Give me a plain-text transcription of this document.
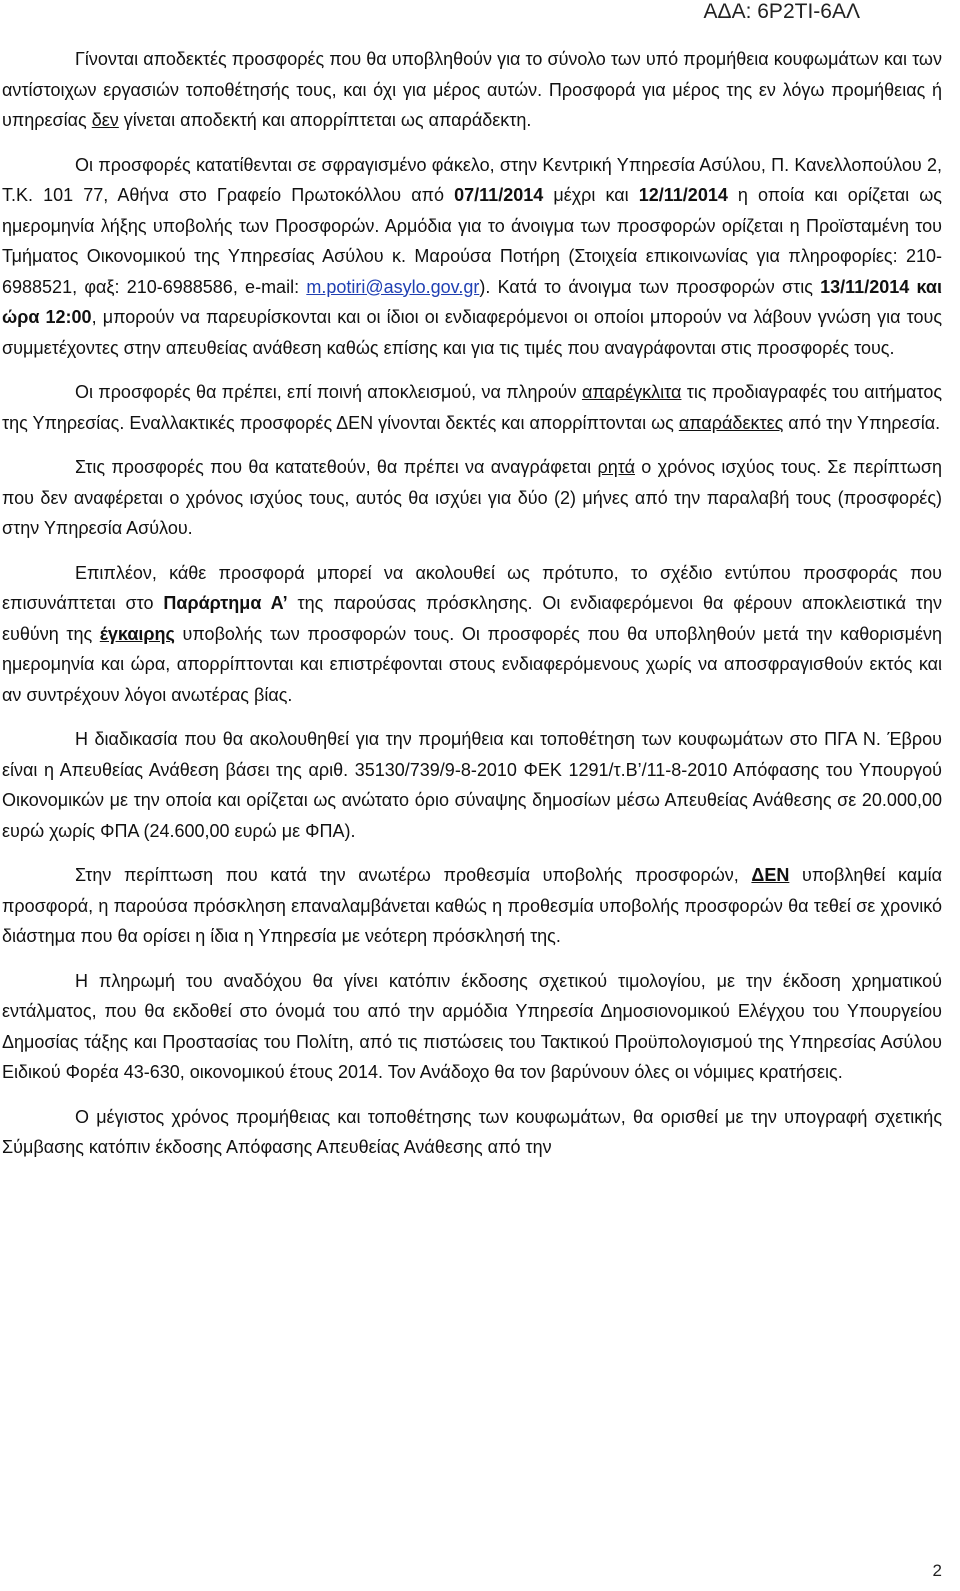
ΑΔΑ: 6Ρ2ΤΙ-6ΑΛ

Γίνονται αποδεκτές προσφορές που θα υποβληθούν για το σύνολο των υπό προμήθεια κουφωμάτων και των αντίστοιχων εργασιών τοποθέτησής τους, και όχι για μέρος αυτών. Προσφορά για μέρος της εν λόγω προμήθειας ή υπηρεσίας δεν γίνεται αποδεκτή και απορρίπτεται ως απαράδεκτη.

Οι προσφορές κατατίθενται σε σφραγισμένο φάκελο, στην Κεντρική Υπηρεσία Ασύλου, Π. Κανελλοπούλου 2, Τ.Κ. 101 77, Αθήνα στο Γραφείο Πρωτοκόλλου από 07/11/2014 μέχρι και 12/11/2014 η οποία και ορίζεται ως ημερομηνία λήξης υποβολής των Προσφορών. Αρμόδια για το άνοιγμα των προσφορών ορίζεται η Προϊσταμένη του Τμήματος Οικονομικού της Υπηρεσίας Ασύλου κ. Μαρούσα Ποτήρη (Στοιχεία επικοινωνίας για πληροφορίες: 210-6988521, φαξ: 210-6988586, e-mail: m.potiri@asylo.gov.gr). Κατά το άνοιγμα των προσφορών στις 13/11/2014 και ώρα 12:00, μπορούν να παρευρίσκονται και οι ίδιοι οι ενδιαφερόμενοι οι οποίοι μπορούν να λάβουν γνώση για τους συμμετέχοντες στην απευθείας ανάθεση καθώς επίσης και για τις τιμές που αναγράφονται στις προσφορές τους.

Οι προσφορές θα πρέπει, επί ποινή αποκλεισμού, να πληρούν απαρέγκλιτα τις προδιαγραφές του αιτήματος της Υπηρεσίας. Εναλλακτικές προσφορές ΔΕΝ γίνονται δεκτές και απορρίπτονται ως απαράδεκτες από την Υπηρεσία.

Στις προσφορές που θα κατατεθούν, θα πρέπει να αναγράφεται ρητά ο χρόνος ισχύος τους. Σε περίπτωση που δεν αναφέρεται ο χρόνος ισχύος τους, αυτός θα ισχύει για δύο (2) μήνες από την παραλαβή τους (προσφορές) στην Υπηρεσία Ασύλου.

Επιπλέον, κάθε προσφορά μπορεί να ακολουθεί ως πρότυπο, το σχέδιο εντύπου προσφοράς που επισυνάπτεται στο Παράρτημα Α’ της παρούσας πρόσκλησης. Οι ενδιαφερόμενοι θα φέρουν αποκλειστικά την ευθύνη της έγκαιρης υποβολής των προσφορών τους. Οι προσφορές που θα υποβληθούν μετά την καθορισμένη ημερομηνία και ώρα, απορρίπτονται και επιστρέφονται στους ενδιαφερόμενους χωρίς να αποσφραγισθούν εκτός και αν συντρέχουν λόγοι ανωτέρας βίας.

Η διαδικασία που θα ακολουθηθεί για την προμήθεια και τοποθέτηση των κουφωμάτων στο ΠΓΑ Ν. Έβρου είναι η Απευθείας Ανάθεση βάσει της αριθ. 35130/739/9-8-2010 ΦΕΚ 1291/τ.Β’/11-8-2010 Απόφασης του Υπουργού Οικονομικών με την οποία και ορίζεται ως ανώτατο όριο σύναψης δημοσίων μέσω Απευθείας Ανάθεσης σε 20.000,00 ευρώ χωρίς ΦΠΑ (24.600,00 ευρώ με ΦΠΑ).

Στην περίπτωση που κατά την ανωτέρω προθεσμία υποβολής προσφορών, ΔΕΝ υποβληθεί καμία προσφορά, η παρούσα πρόσκληση επαναλαμβάνεται καθώς η προθεσμία υποβολής προσφορών θα τεθεί σε χρονικό διάστημα που θα ορίσει η ίδια η Υπηρεσία με νεότερη πρόσκλησή της.

Η πληρωμή του αναδόχου θα γίνει κατόπιν έκδοσης σχετικού τιμολογίου, με την έκδοση χρηματικού εντάλματος, που θα εκδοθεί στο όνομά του από την αρμόδια Υπηρεσία Δημοσιονομικού Ελέγχου του Υπουργείου Δημοσίας τάξης και Προστασίας του Πολίτη, από τις πιστώσεις του Τακτικού Προϋπολογισμού της Υπηρεσίας Ασύλου Ειδικού Φορέα 43-630, οικονομικού έτους 2014. Τον Ανάδοχο θα τον βαρύνουν όλες οι νόμιμες κρατήσεις.

Ο μέγιστος χρόνος προμήθειας και τοποθέτησης των κουφωμάτων, θα ορισθεί με την υπογραφή σχετικής Σύμβασης κατόπιν έκδοσης Απόφασης Απευθείας Ανάθεσης από την

2
